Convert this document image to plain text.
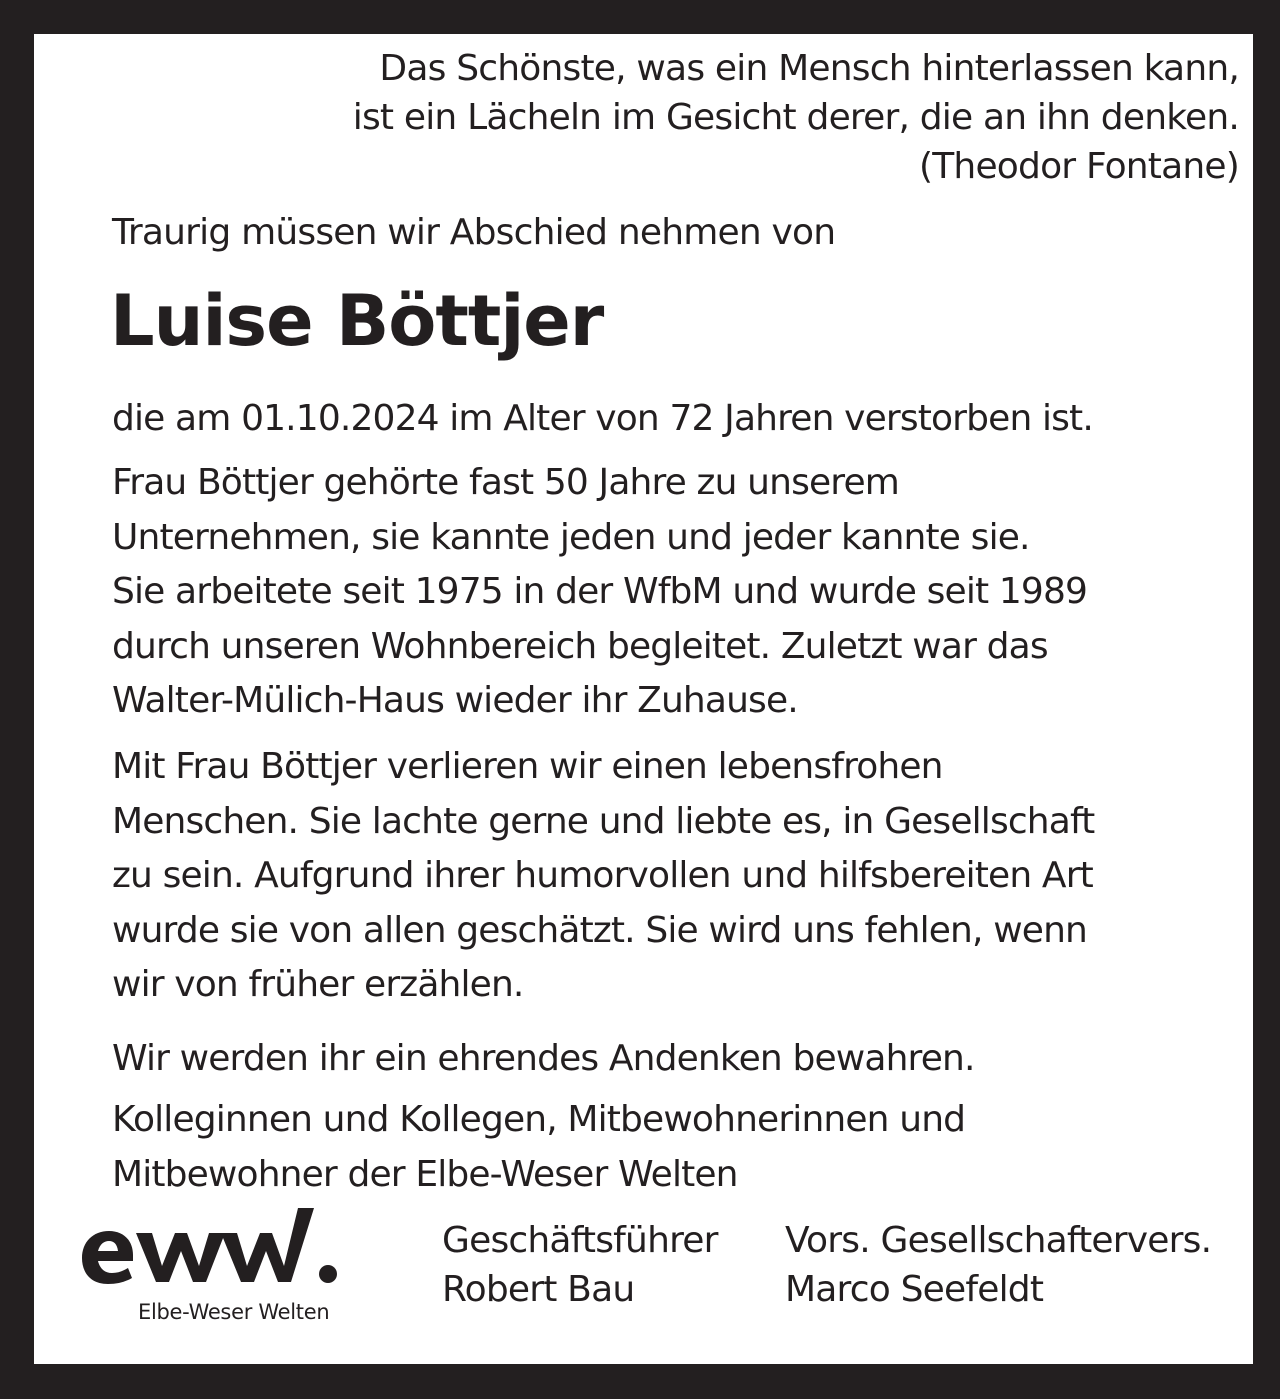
Das Schönste, was ein Mensch hinterlassen kann,
ist ein Lächeln im Gesicht derer, die an ihn denken.
(Theodor Fontane)
Traurig müssen wir Abschied nehmen von
Luise Böttjer
die am 01.10.2024 im Alter von 72 Jahren verstorben ist.
Frau Böttjer gehörte fast 50 Jahre zu unserem
Unternehmen, sie kannte jeden und jeder kannte sie.
Sie arbeitete seit 1975 in der WfbM und wurde seit 1989
durch unseren Wohnbereich begleitet. Zuletzt war das
Walter-Mülich-Haus wieder ihr Zuhause.
Mit Frau Böttjer verlieren wir einen lebensfrohen
Menschen. Sie lachte gerne und liebte es, in Gesellschaft
zu sein. Aufgrund ihrer humorvollen und hilfsbereiten Art
wurde sie von allen geschätzt. Sie wird uns fehlen, wenn
wir von früher erzählen.
Wir werden ihr ein ehrendes Andenken bewahren.
Kolleginnen und Kollegen, Mitbewohnerinnen und
Mitbewohner der Elbe-Weser Welten
Elbe-Weser Welten
Geschäftsführer
Robert Bau
Vors. Gesellschaftervers.
Marco Seefeldt
